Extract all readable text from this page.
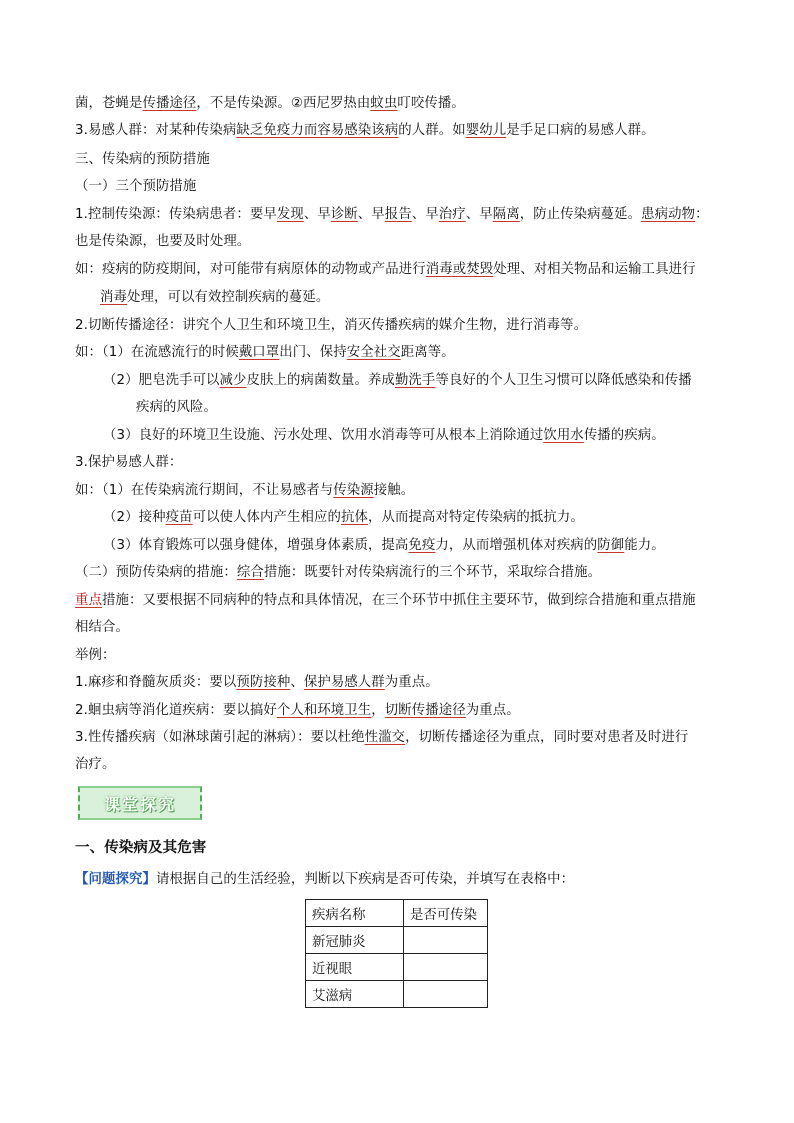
菌，苍蝇是传播途径，不是传染源。②西尼罗热由蚊虫叮咬传播。
3.易感人群：对某种传染病缺乏免疫力而容易感染该病的人群。如婴幼儿是手足口病的易感人群。
三、传染病的预防措施
（一）三个预防措施
1.控制传染源：传染病患者：要早发现、早诊断、早报告、早治疗、早隔离，防止传染病蔓延。患病动物：
也是传染源，也要及时处理。
如：疫病的防疫期间，对可能带有病原体的动物或产品进行消毒或焚毁处理、对相关物品和运输工具进行
消毒处理，可以有效控制疾病的蔓延。
2.切断传播途径：讲究个人卫生和环境卫生，消灭传播疾病的媒介生物，进行消毒等。
如：（1）在流感流行的时候戴口罩出门、保持安全社交距离等。
（2）肥皂洗手可以减少皮肤上的病菌数量。养成勤洗手等良好的个人卫生习惯可以降低感染和传播
疾病的风险。
（3）良好的环境卫生设施、污水处理、饮用水消毒等可从根本上消除通过饮用水传播的疾病。
3.保护易感人群：
如：（1）在传染病流行期间，不让易感者与传染源接触。
（2）接种疫苗可以使人体内产生相应的抗体，从而提高对特定传染病的抵抗力。
（3）体育锻炼可以强身健体，增强身体素质，提高免疫力，从而增强机体对疾病的防御能力。
（二）预防传染病的措施：综合措施：既要针对传染病流行的三个环节，采取综合措施。
重点措施：又要根据不同病种的特点和具体情况，在三个环节中抓住主要环节，做到综合措施和重点措施
相结合。
举例：
1.麻疹和脊髓灰质炎：要以预防接种、保护易感人群为重点。
2.蛔虫病等消化道疾病：要以搞好个人和环境卫生，切断传播途径为重点。
3.性传播疾病（如淋球菌引起的淋病）：要以杜绝性滥交，切断传播途径为重点，同时要对患者及时进行
治疗。
课堂探究
一、传染病及其危害
【问题探究】请根据自己的生活经验，判断以下疾病是否可传染，并填写在表格中：
疾病名称	是否可传染
新冠肺炎	
近视眼	
艾滋病	
